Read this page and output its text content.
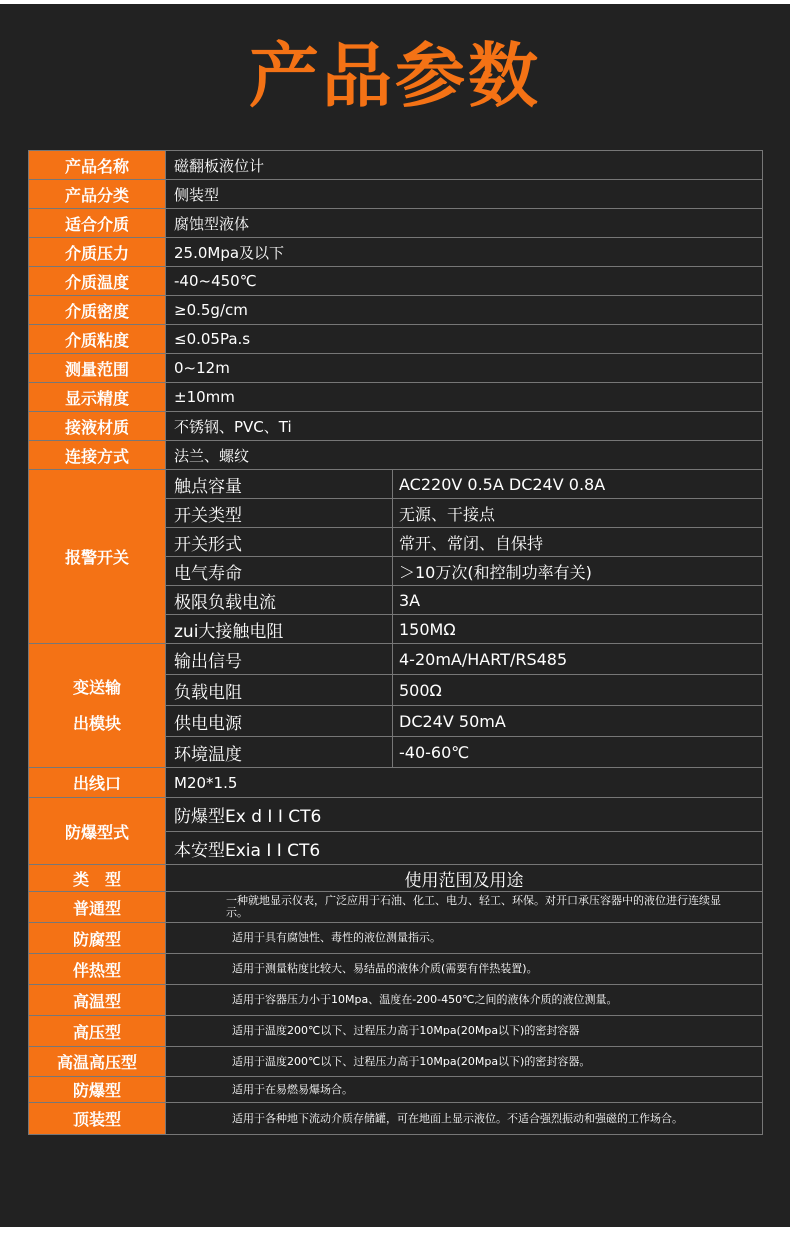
产品参数
产品名称	磁翻板液位计	
产品分类	侧装型	
适合介质	腐蚀型液体	
介质压力	25.0Mpa及以下	
介质温度	-40~450℃	
介质密度	≥0.5g/cm	
介质粘度	≤0.05Pa.s	
测量范围	0~12m	
显示精度	±10mm	
接液材质	不锈钢、PVC、Ti	
连接方式	法兰、螺纹	
报警开关	触点容量	AC220V 0.5A DC24V 0.8A
	开关类型	无源、干接点
	开关形式	常开、常闭、自保持
	电气寿命	＞10万次(和控制功率有关)
	极限负载电流	3A
	zui大接触电阻	150MΩ

变送输
出模块	输出信号	4-20mA/HART/RS485
	负载电阻	500Ω
	供电电源	DC24V 50mA
	环境温度	-40-60℃
出线口	M20*1.5	
防爆型式	防爆型Ex d I I CT6	
	本安型Exia I I CT6	
类　型	使用范围及用途	
普通型	一种就地显示仪表，广泛应用于石油、化工、电力、轻工、环保。对开口承压容器中的液位进行连续显示。	
防腐型	适用于具有腐蚀性、毒性的液位测量指示。	
伴热型	适用于测量粘度比较大、易结晶的液体介质(需要有伴热装置)。	
高温型	适用于容器压力小于10Mpa、温度在-200-450℃之间的液体介质的液位测量。	
高压型	适用于温度200℃以下、过程压力高于10Mpa(20Mpa以下)的密封容器	
高温高压型	适用于温度200℃以下、过程压力高于10Mpa(20Mpa以下)的密封容器。	
防爆型	适用于在易燃易爆场合。	
顶装型	适用于各种地下流动介质存储罐，可在地面上显示液位。不适合强烈振动和强磁的工作场合。	
